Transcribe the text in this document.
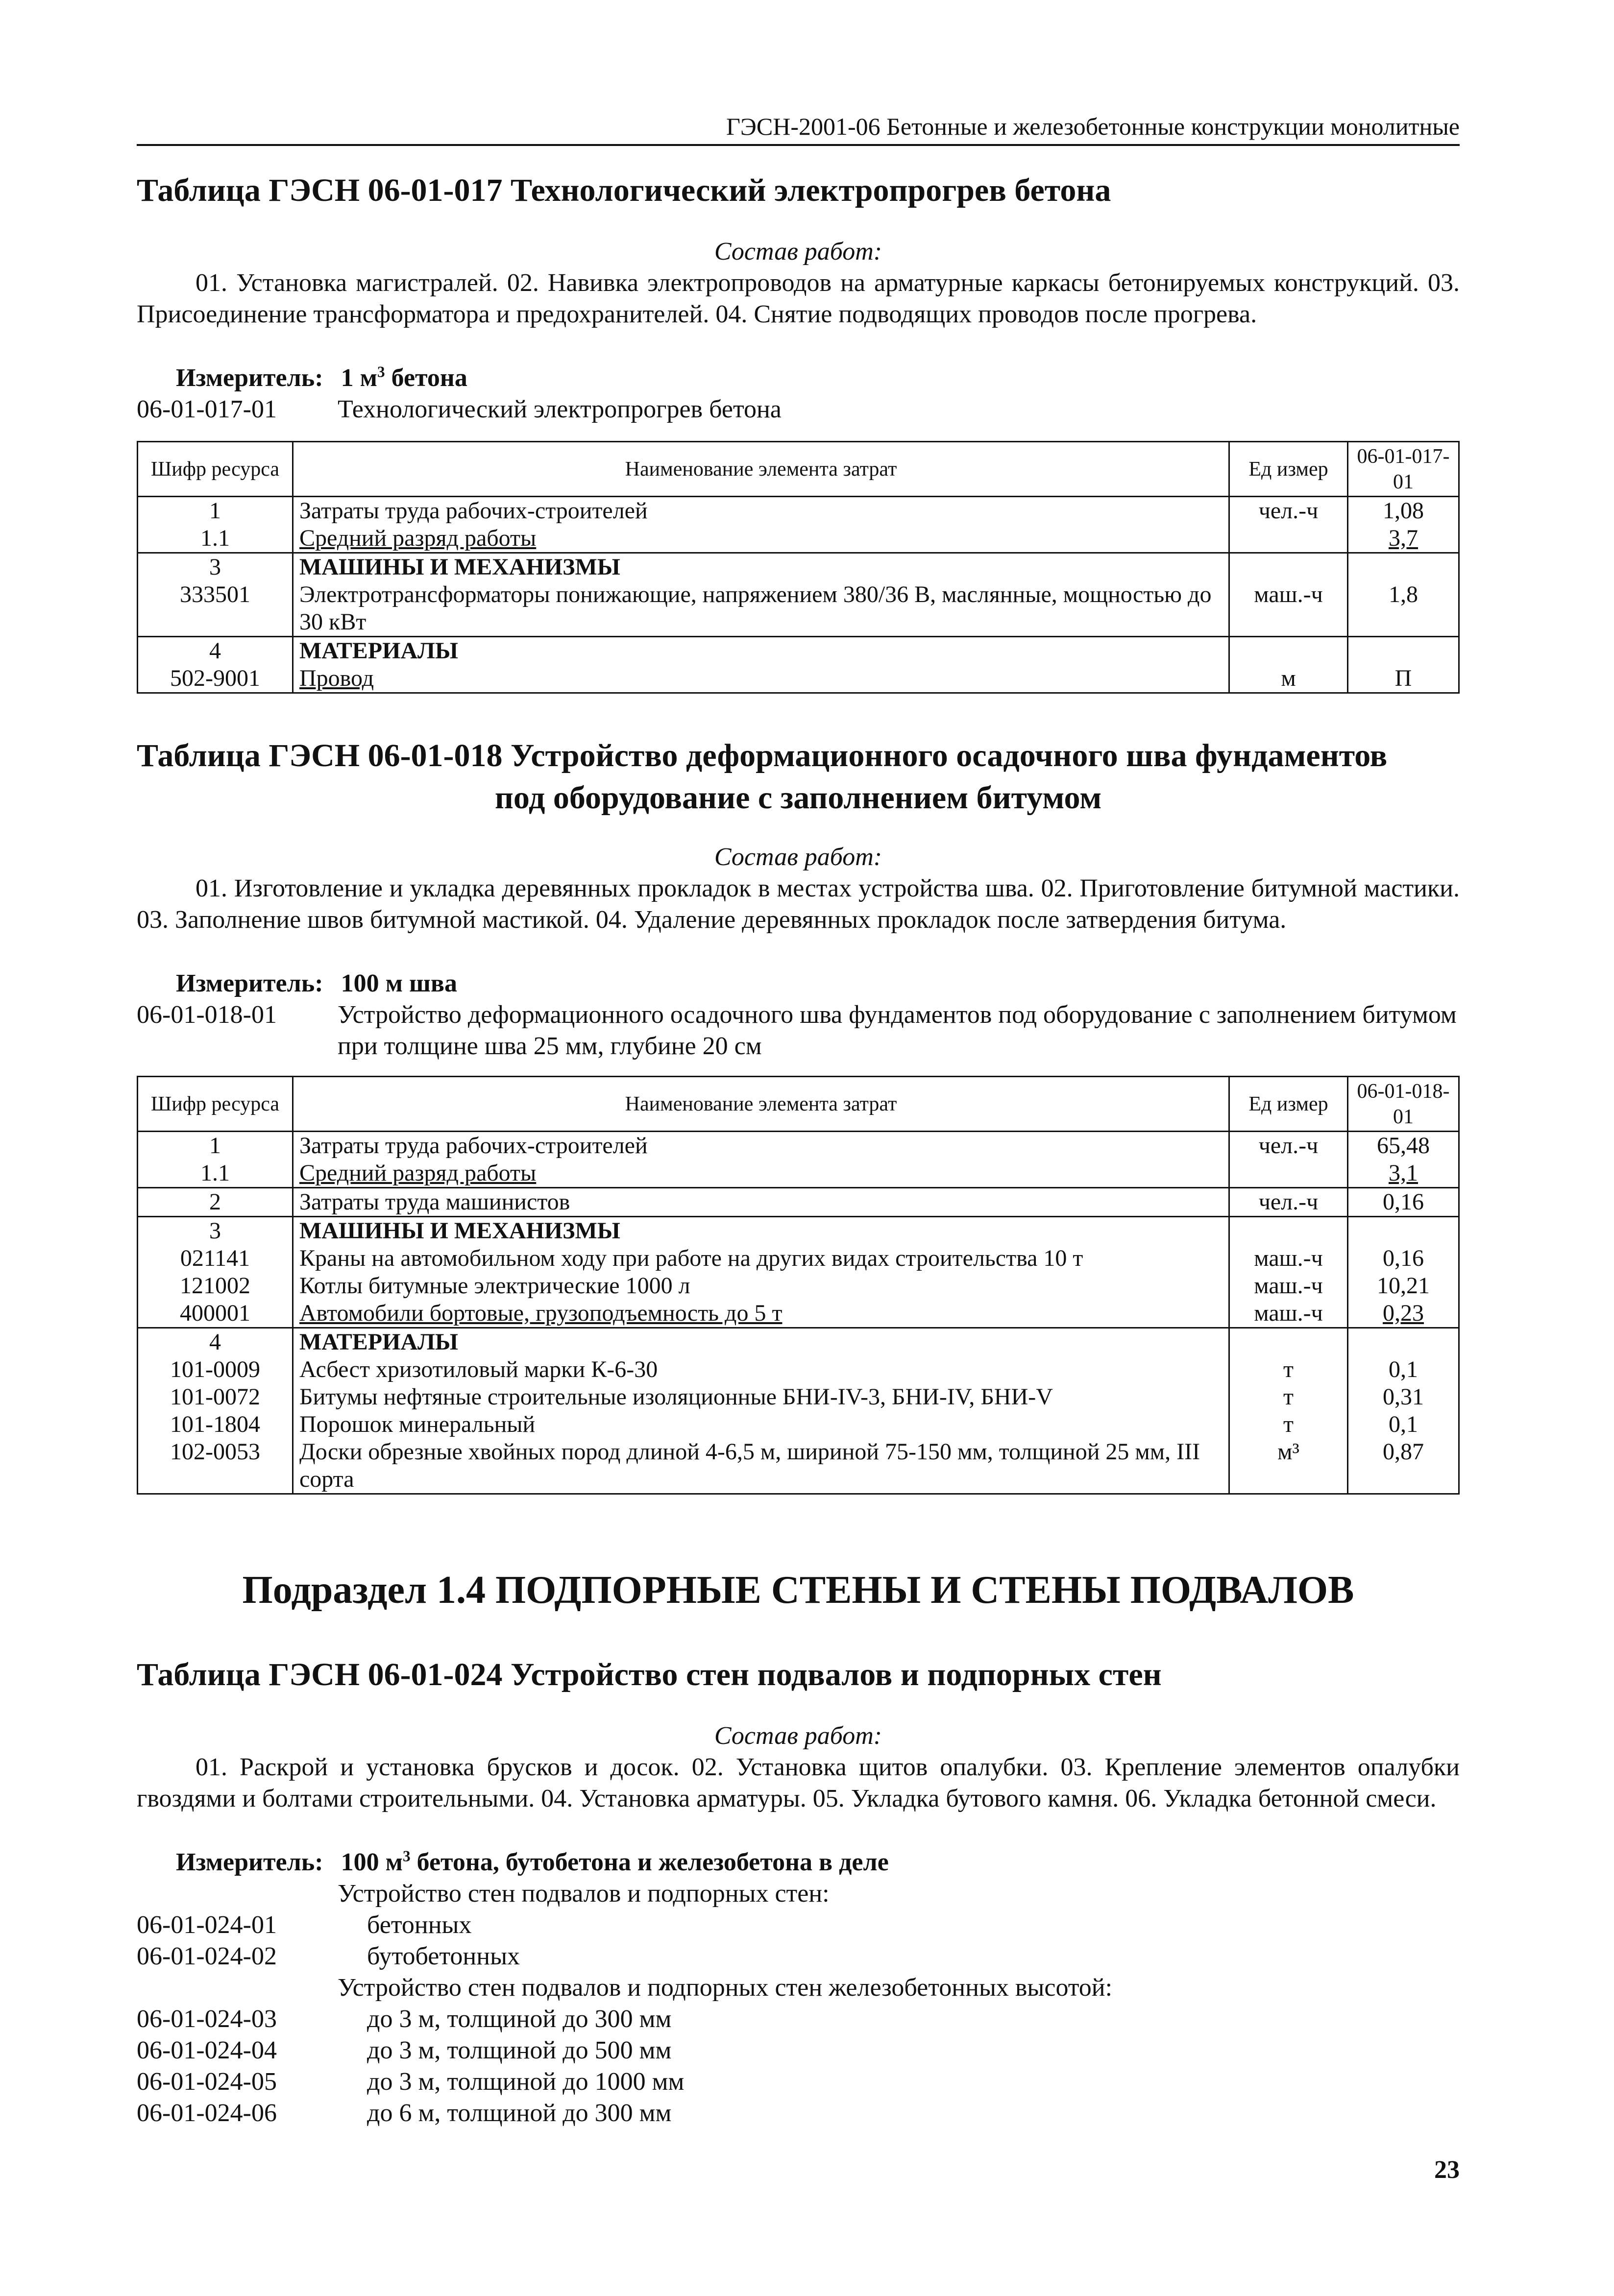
ГЭСН-2001-06 Бетонные и железобетонные конструкции монолитные
Таблица ГЭСН 06-01-017 Технологический электропрогрев бетона
Состав работ:
01. Установка магистралей. 02. Навивка электропроводов на арматурные каркасы бетонируемых конструкций. 03. Присоединение трансформатора и предохранителей. 04. Снятие подводящих проводов после прогрева.
Измеритель: 1 $м^3$ бетона
06-01-017-01 Технологический электропрогрев бетона
Шифр ресурса	Наименование элемента затрат	Ед измер	06-01-017-01
1	Затраты труда рабочих-строителей	чел.-ч	1,08
1.1	Средний разряд работы		3,7
3	МАШИНЫ И МЕХАНИЗМЫ		
333501	Электротрансформаторы понижающие, напряжением 380/36 В, маслянные, мощностью до 30 кВт	маш.-ч	1,8
4	МАТЕРИАЛЫ		
502-9001	Провод	м	П
Таблица ГЭСН 06-01-018 Устройство деформационного осадочного шва фундаментов
под оборудование с заполнением битумом
Состав работ:
01. Изготовление и укладка деревянных прокладок в местах устройства шва. 02. Приготовление битумной мастики. 03. Заполнение швов битумной мастикой. 04. Удаление деревянных прокладок после затвердения битума.
Измеритель: 100 м шва
06-01-018-01 Устройство деформационного осадочного шва фундаментов под оборудование с заполнением битумом при толщине шва 25 мм, глубине 20 см
Шифр ресурса	Наименование элемента затрат	Ед измер	06-01-018-01
1	Затраты труда рабочих-строителей	чел.-ч	65,48
1.1	Средний разряд работы		3,1
2	Затраты труда машинистов	чел.-ч	0,16
3	МАШИНЫ И МЕХАНИЗМЫ		
021141	Краны на автомобильном ходу при работе на других видах строительства 10 т	маш.-ч	0,16
121002	Котлы битумные электрические 1000 л	маш.-ч	10,21
400001	Автомобили бортовые, грузоподъемность до 5 т	маш.-ч	0,23
4	МАТЕРИАЛЫ		
101-0009	Асбест хризотиловый марки К-6-30	т	0,1
101-0072	Битумы нефтяные строительные изоляционные БНИ-IV-3, БНИ-IV, БНИ-V	т	0,31
101-1804	Порошок минеральный	т	0,1
102-0053	Доски обрезные хвойных пород длиной 4-6,5 м, шириной 75-150 мм, толщиной 25 мм, III сорта	м³	0,87
Подраздел 1.4 ПОДПОРНЫЕ СТЕНЫ И СТЕНЫ ПОДВАЛОВ
Таблица ГЭСН 06-01-024 Устройство стен подвалов и подпорных стен
Состав работ:
01. Раскрой и установка брусков и досок. 02. Установка щитов опалубки. 03. Крепление элементов опалубки гвоздями и болтами строительными. 04. Установка арматуры. 05. Укладка бутового камня. 06. Укладка бетонной смеси.
Измеритель: 100 $м^3$ бетона, бутобетона и железобетона в деле
Устройство стен подвалов и подпорных стен:
06-01-024-01	бетонных
06-01-024-02	бутобетонных
Устройство стен подвалов и подпорных стен железобетонных высотой:
06-01-024-03	до 3 м, толщиной до 300 мм
06-01-024-04	до 3 м, толщиной до 500 мм
06-01-024-05	до 3 м, толщиной до 1000 мм
06-01-024-06	до 6 м, толщиной до 300 мм
23
